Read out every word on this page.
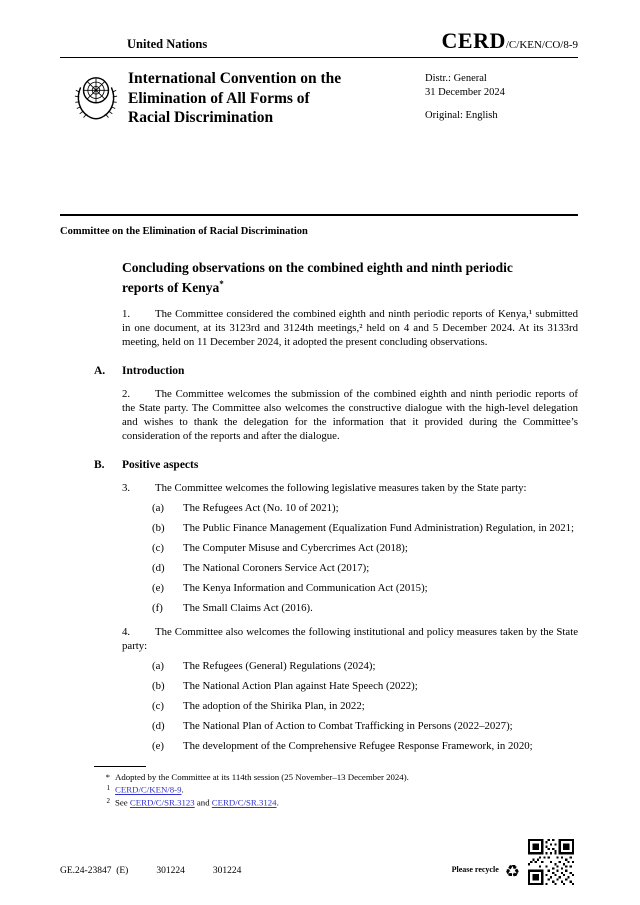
United Nations	CERD/C/KEN/CO/8-9
International Convention on the Elimination of All Forms of Racial Discrimination
Distr.: General
31 December 2024
Original: English
Committee on the Elimination of Racial Discrimination
Concluding observations on the combined eighth and ninth periodic reports of Kenya*

1. The Committee considered the combined eighth and ninth periodic reports of Kenya,¹ submitted in one document, at its 3123rd and 3124th meetings,² held on 4 and 5 December 2024. At its 3133rd meeting, held on 11 December 2024, it adopted the present concluding observations.

A. Introduction

2. The Committee welcomes the submission of the combined eighth and ninth periodic reports of the State party. The Committee also welcomes the constructive dialogue with the high-level delegation and wishes to thank the delegation for the information that it provided during the Committee’s consideration of the reports and after the dialogue.

B. Positive aspects

3. The Committee welcomes the following legislative measures taken by the State party:

(a) The Refugees Act (No. 10 of 2021);

(b) The Public Finance Management (Equalization Fund Administration) Regulation, in 2021;

(c) The Computer Misuse and Cybercrimes Act (2018);

(d) The National Coroners Service Act (2017);

(e) The Kenya Information and Communication Act (2015);

(f) The Small Claims Act (2016).

4. The Committee also welcomes the following institutional and policy measures taken by the State party:

(a) The Refugees (General) Regulations (2024);

(b) The National Action Plan against Hate Speech (2022);

(c) The adoption of the Shirika Plan, in 2022;

(d) The National Plan of Action to Combat Trafficking in Persons (2022–2027);

(e) The development of the Comprehensive Refugee Response Framework, in 2020;

* Adopted by the Committee at its 114th session (25 November–13 December 2024).
1 CERD/C/KEN/8-9.
2 See CERD/C/SR.3123 and CERD/C/SR.3124.
GE.24-23847  (E)	301224	301224	Please recycle ♻
